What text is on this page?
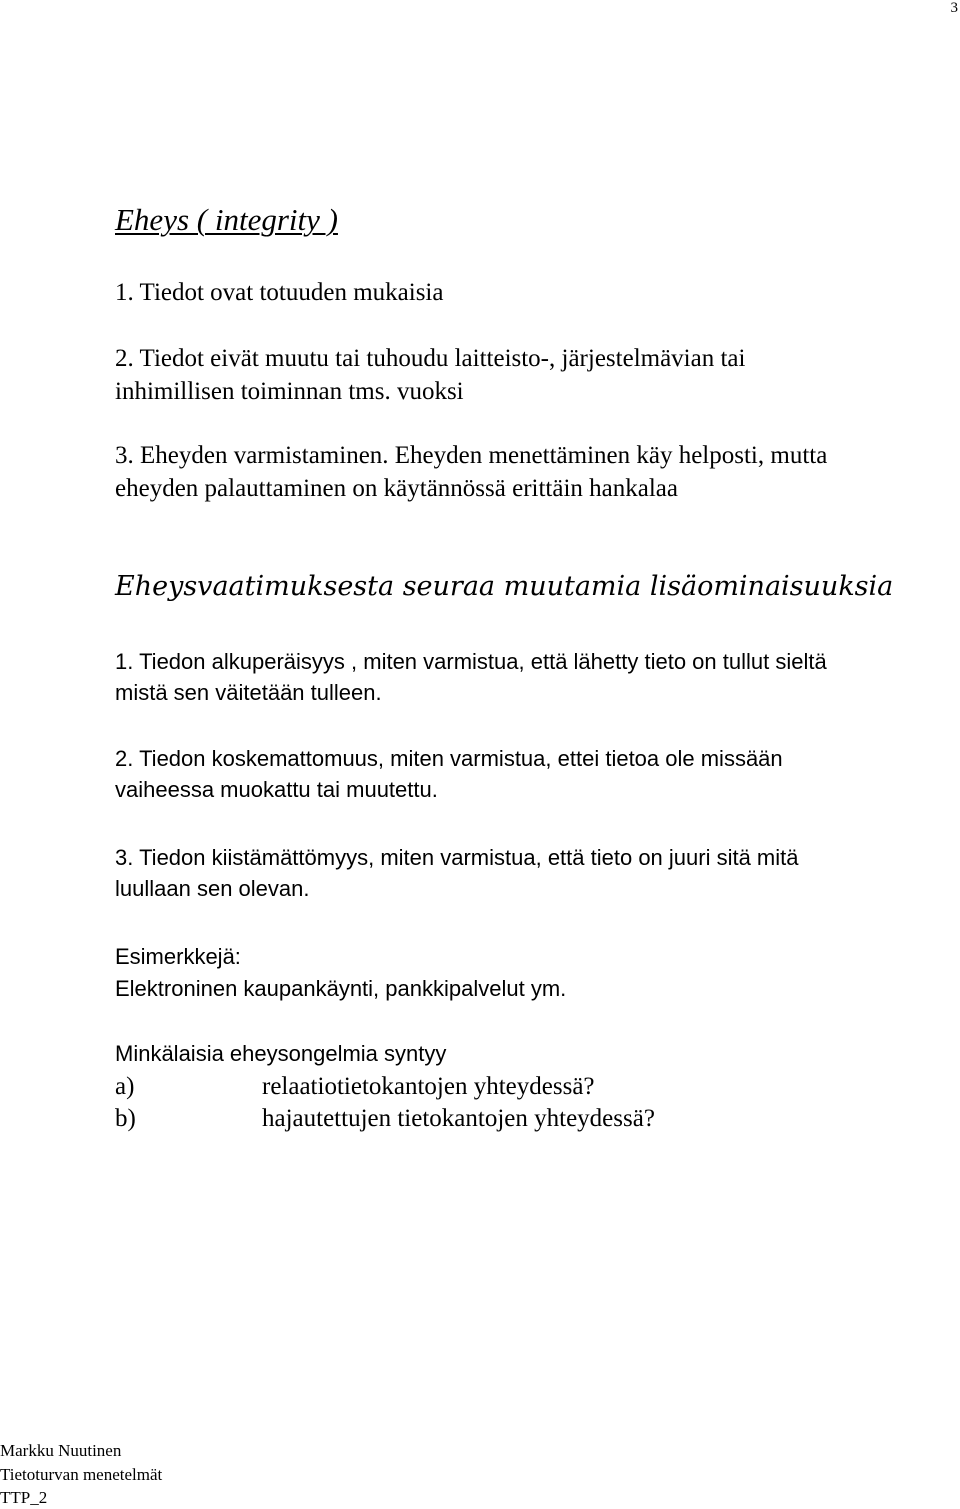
3
Eheys ( integrity )
1. Tiedot ovat totuuden mukaisia
2. Tiedot eivät muutu tai tuhoudu laitteisto-, järjestelmävian tai
inhimillisen toiminnan tms. vuoksi
3. Eheyden varmistaminen. Eheyden menettäminen käy helposti, mutta
eheyden palauttaminen on käytännössä erittäin hankalaa
Eheysvaatimuksesta seuraa muutamia lisäominaisuuksia
1. Tiedon alkuperäisyys , miten varmistua, että lähetty tieto on tullut sieltä
mistä sen väitetään tulleen.
2. Tiedon koskemattomuus, miten varmistua, ettei tietoa ole missään
vaiheessa muokattu tai muutettu.
3. Tiedon kiistämättömyys, miten varmistua, että tieto on juuri sitä mitä
luullaan sen olevan.
Esimerkkejä:
Elektroninen kaupankäynti, pankkipalvelut ym.
Minkälaisia eheysongelmia syntyy
a)	relaatiotietokantojen yhteydessä?
b)	hajautettujen tietokantojen yhteydessä?
Markku Nuutinen
Tietoturvan menetelmät
TTP_2
